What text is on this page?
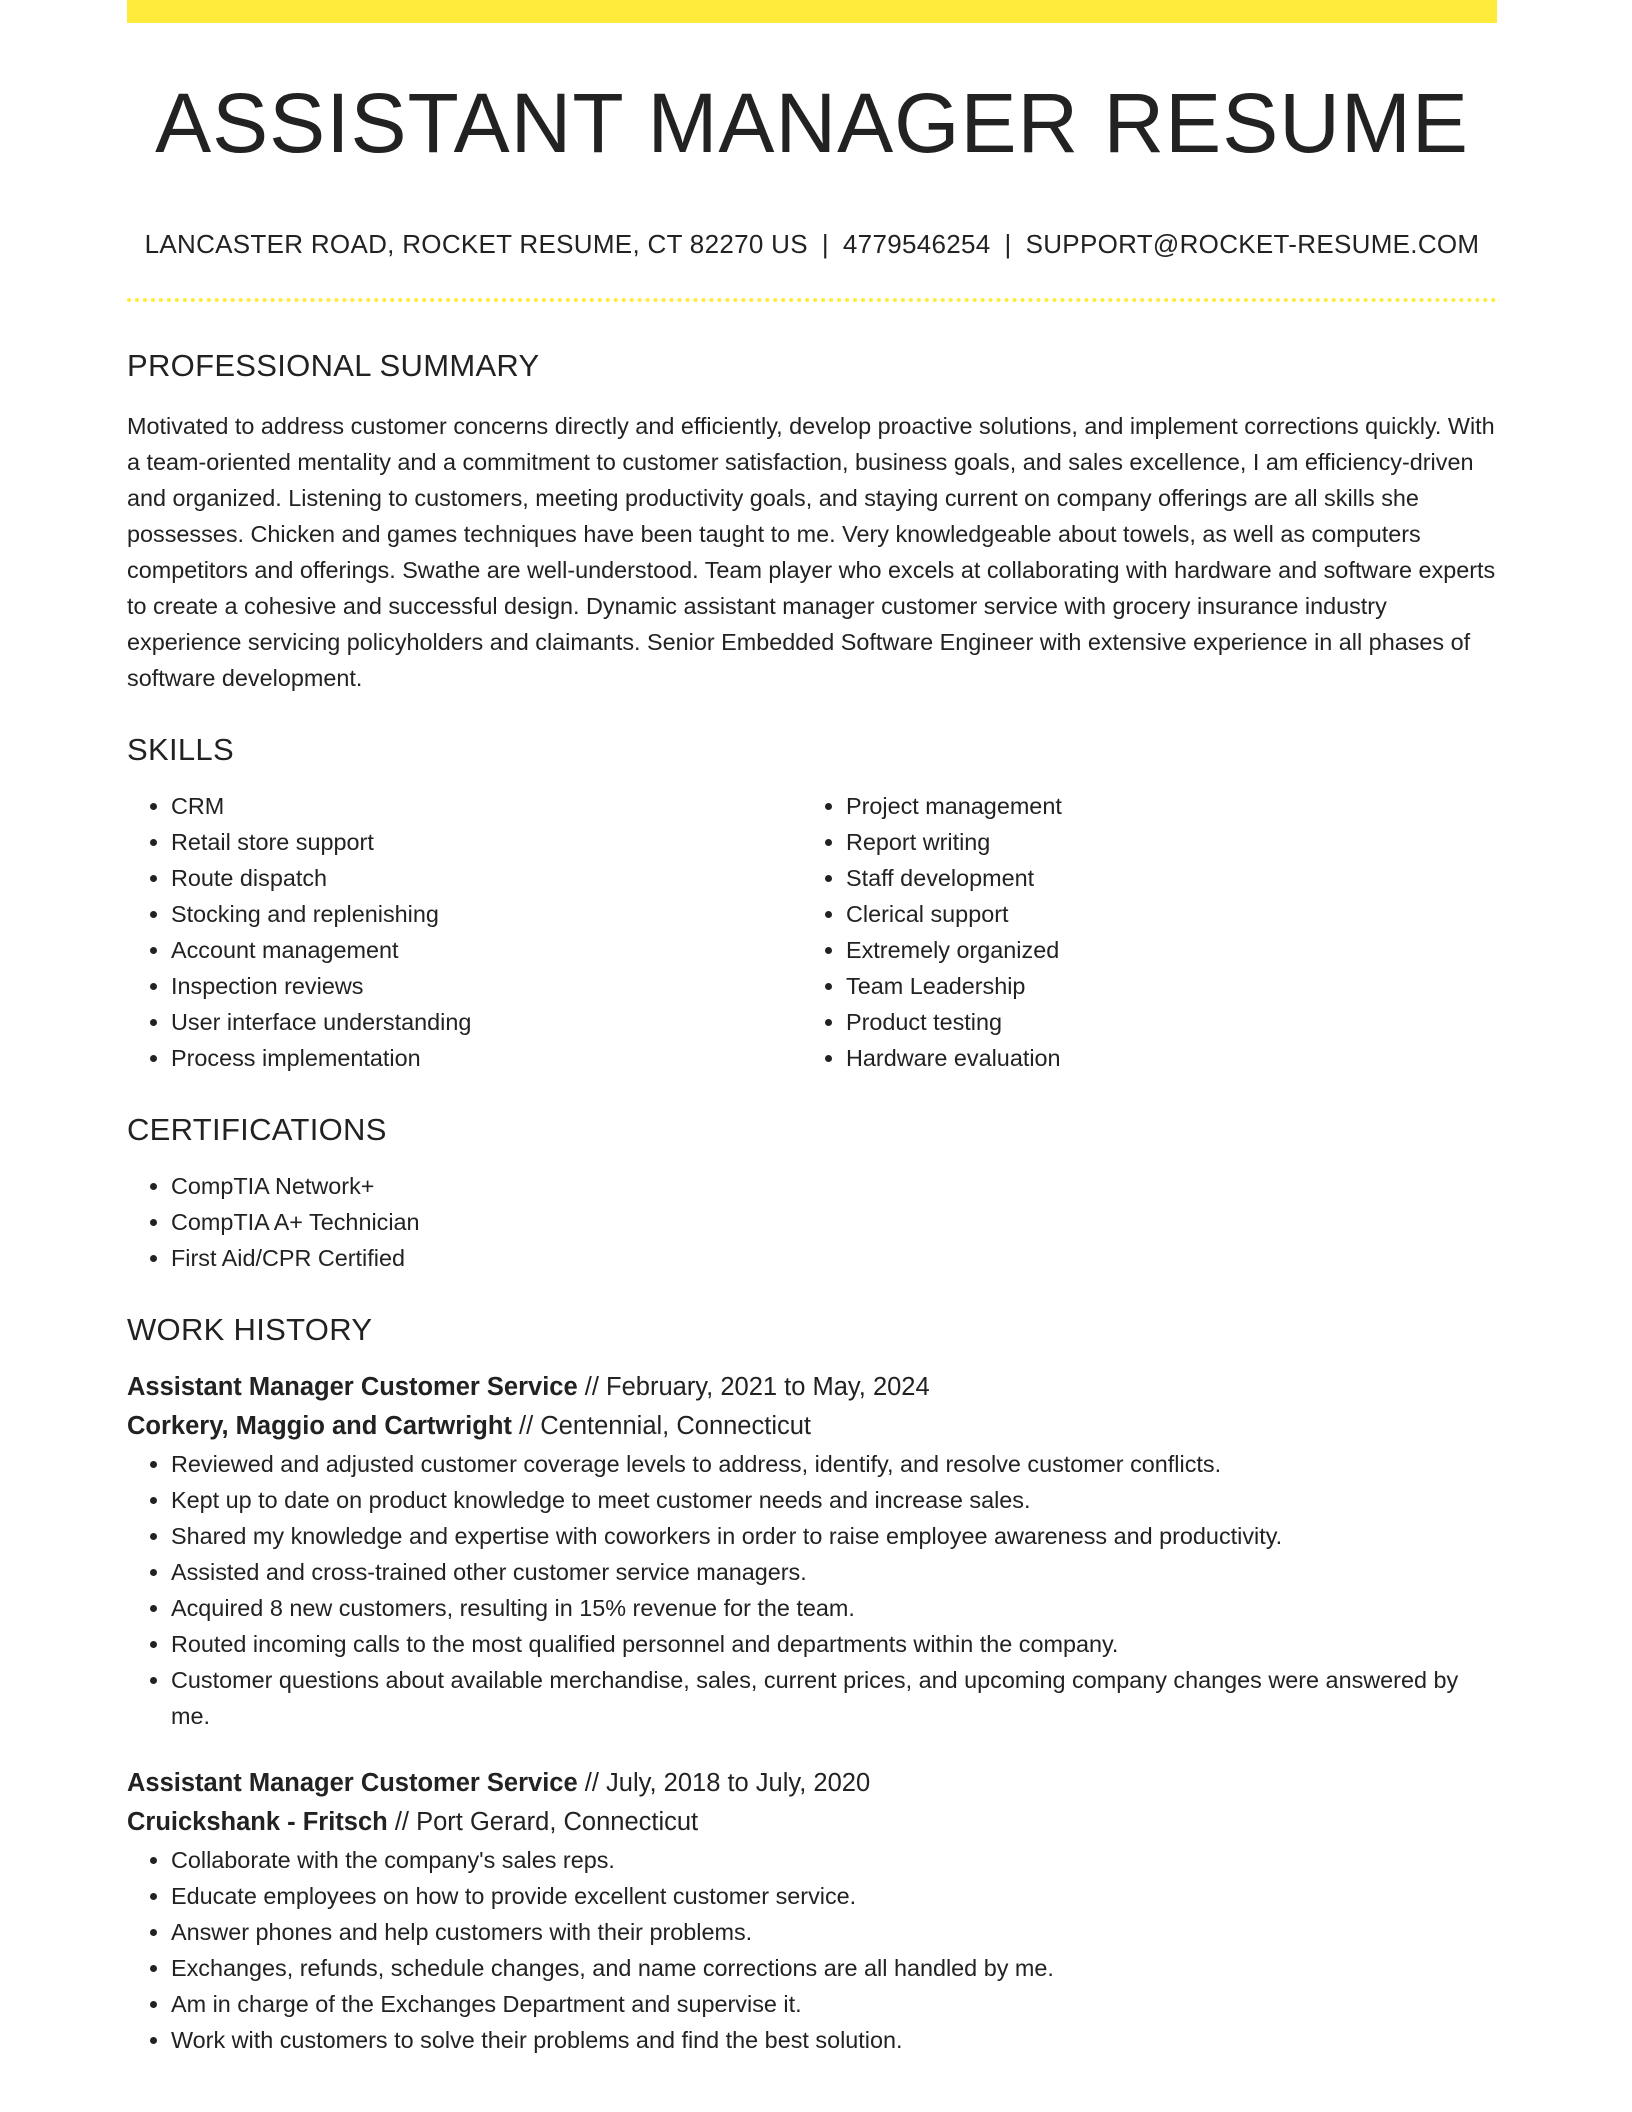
ASSISTANT MANAGER RESUME
LANCASTER ROAD, ROCKET RESUME, CT 82270 US | 4779546254 | SUPPORT@ROCKET-RESUME.COM
PROFESSIONAL SUMMARY

Motivated to address customer concerns directly and efficiently, develop proactive solutions, and implement corrections quickly. With a team-oriented mentality and a commitment to customer satisfaction, business goals, and sales excellence, I am efficiency-driven and organized. Listening to customers, meeting productivity goals, and staying current on company offerings are all skills she possesses. Chicken and games techniques have been taught to me. Very knowledgeable about towels, as well as computers competitors and offerings. Swathe are well-understood. Team player who excels at collaborating with hardware and software experts to create a cohesive and successful design. Dynamic assistant manager customer service with grocery insurance industry experience servicing policyholders and claimants. Senior Embedded Software Engineer with extensive experience in all phases of software development.

SKILLS
• CRM
• Retail store support
• Route dispatch
• Stocking and replenishing
• Account management
• Inspection reviews
• User interface understanding
• Process implementation
• Project management
• Report writing
• Staff development
• Clerical support
• Extremely organized
• Team Leadership
• Product testing
• Hardware evaluation
CERTIFICATIONS
• CompTIA Network+
• CompTIA A+ Technician
• First Aid/CPR Certified
WORK HISTORY
Assistant Manager Customer Service // February, 2021 to May, 2024
Corkery, Maggio and Cartwright // Centennial, Connecticut
• Reviewed and adjusted customer coverage levels to address, identify, and resolve customer conflicts.
• Kept up to date on product knowledge to meet customer needs and increase sales.
• Shared my knowledge and expertise with coworkers in order to raise employee awareness and productivity.
• Assisted and cross-trained other customer service managers.
• Acquired 8 new customers, resulting in 15% revenue for the team.
• Routed incoming calls to the most qualified personnel and departments within the company.
• Customer questions about available merchandise, sales, current prices, and upcoming company changes were answered by me.
Assistant Manager Customer Service // July, 2018 to July, 2020
Cruickshank - Fritsch // Port Gerard, Connecticut
• Collaborate with the company's sales reps.
• Educate employees on how to provide excellent customer service.
• Answer phones and help customers with their problems.
• Exchanges, refunds, schedule changes, and name corrections are all handled by me.
• Am in charge of the Exchanges Department and supervise it.
• Work with customers to solve their problems and find the best solution.
